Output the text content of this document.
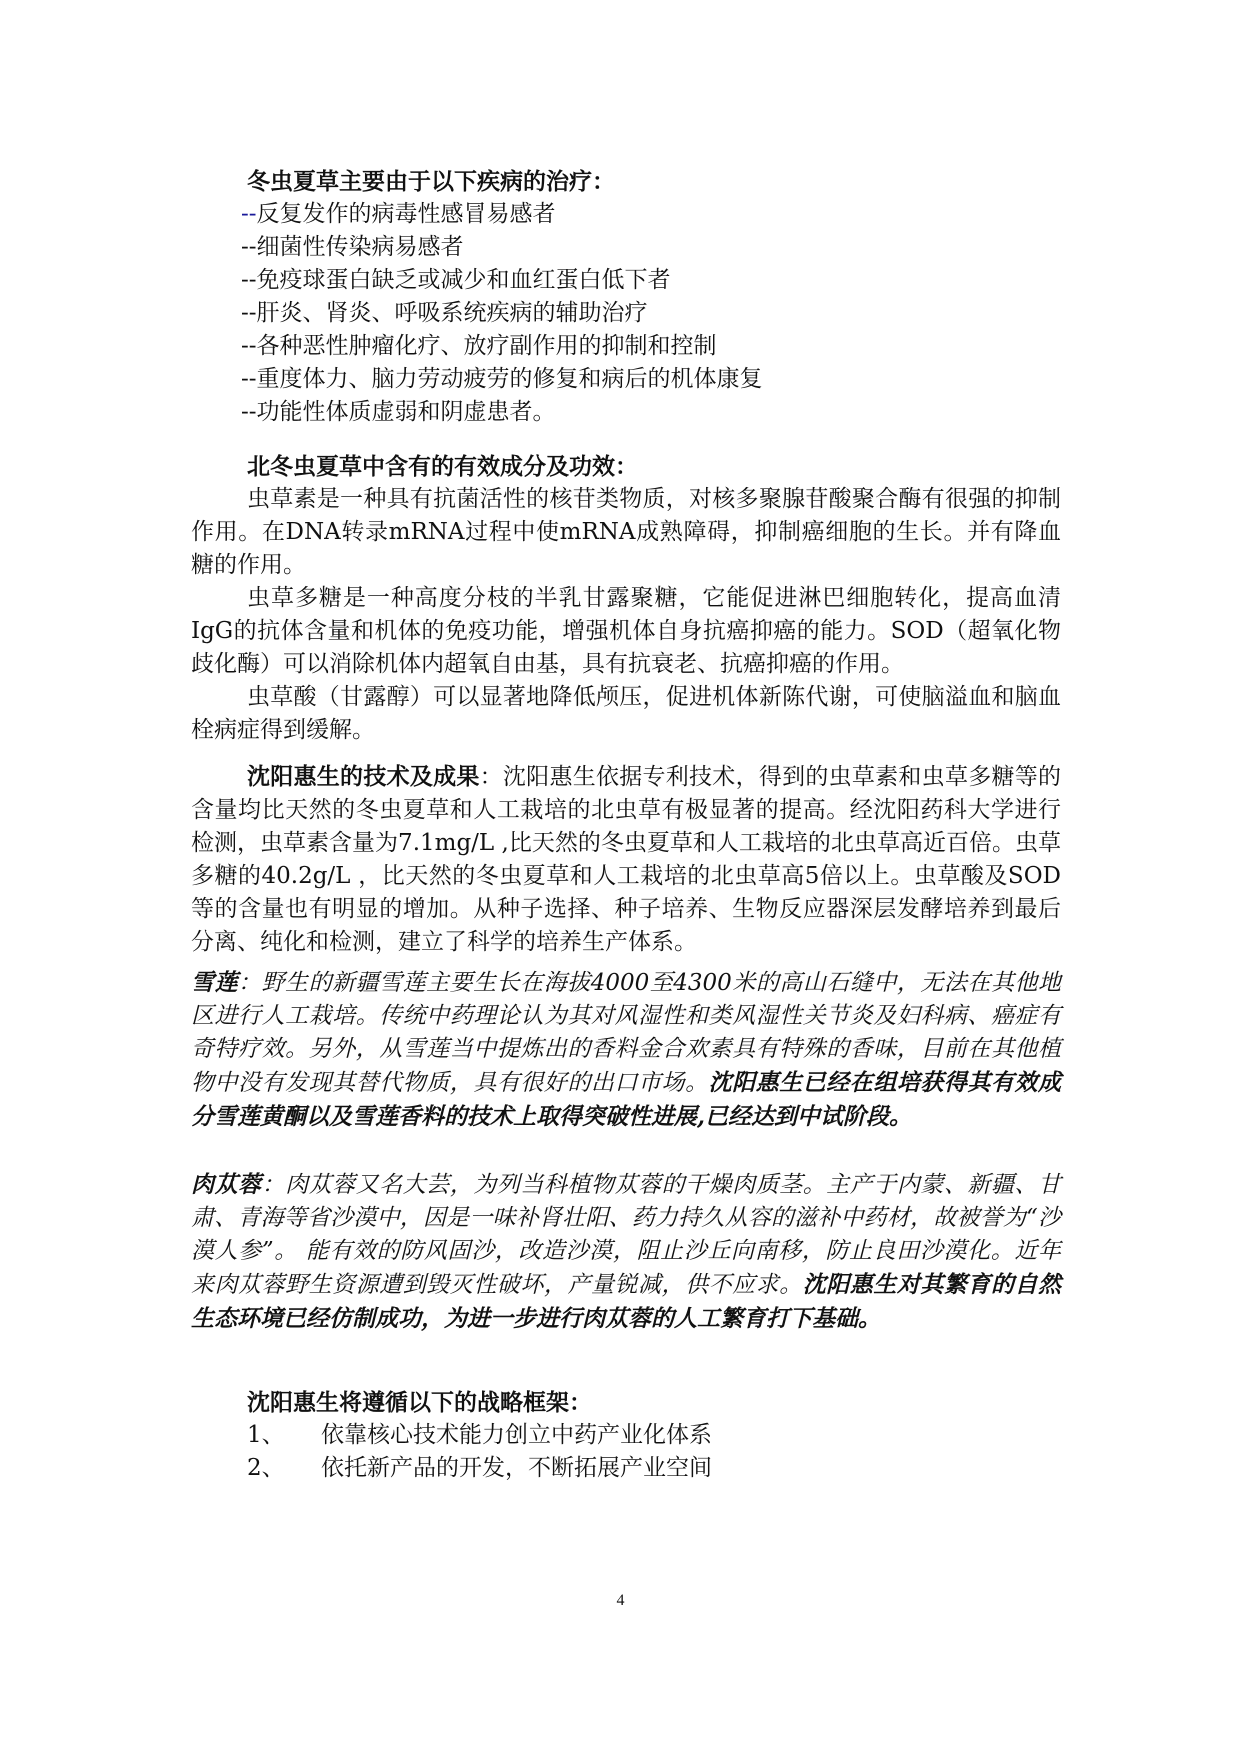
冬虫夏草主要由于以下疾病的治疗：
--反复发作的病毒性感冒易感者
--细菌性传染病易感者
--免疫球蛋白缺乏或减少和血红蛋白低下者
--肝炎、肾炎、呼吸系统疾病的辅助治疗
--各种恶性肿瘤化疗、放疗副作用的抑制和控制
--重度体力、脑力劳动疲劳的修复和病后的机体康复
--功能性体质虚弱和阴虚患者。
北冬虫夏草中含有的有效成分及功效：
虫草素是一种具有抗菌活性的核苷类物质，对核多聚腺苷酸聚合酶有很强的抑制作用。在DNA转录mRNA过程中使mRNA成熟障碍，抑制癌细胞的生长。并有降血糖的作用。
虫草多糖是一种高度分枝的半乳甘露聚糖，它能促进淋巴细胞转化，提高血清IgG的抗体含量和机体的免疫功能，增强机体自身抗癌抑癌的能力。SOD（超氧化物歧化酶）可以消除机体内超氧自由基，具有抗衰老、抗癌抑癌的作用。
虫草酸（甘露醇）可以显著地降低颅压，促进机体新陈代谢，可使脑溢血和脑血栓病症得到缓解。
沈阳惠生的技术及成果：沈阳惠生依据专利技术，得到的虫草素和虫草多糖等的含量均比天然的冬虫夏草和人工栽培的北虫草有极显著的提高。经沈阳药科大学进行检测，虫草素含量为7.1mg/L ,比天然的冬虫夏草和人工栽培的北虫草高近百倍。虫草多糖的40.2g/L ，比天然的冬虫夏草和人工栽培的北虫草高5倍以上。虫草酸及SOD等的含量也有明显的增加。从种子选择、种子培养、生物反应器深层发酵培养到最后分离、纯化和检测，建立了科学的培养生产体系。
雪莲：野生的新疆雪莲主要生长在海拔4000至4300米的高山石缝中，无法在其他地区进行人工栽培。传统中药理论认为其对风湿性和类风湿性关节炎及妇科病、癌症有奇特疗效。另外，从雪莲当中提炼出的香料金合欢素具有特殊的香味，目前在其他植物中没有发现其替代物质，具有很好的出口市场。沈阳惠生已经在组培获得其有效成分雪莲黄酮以及雪莲香料的技术上取得突破性进展,已经达到中试阶段。
肉苁蓉：肉苁蓉又名大芸，为列当科植物苁蓉的干燥肉质茎。主产于内蒙、新疆、甘肃、青海等省沙漠中，因是一味补肾壮阳、药力持久从容的滋补中药材，故被誉为“沙漠人参”。 能有效的防风固沙，改造沙漠，阻止沙丘向南移，防止良田沙漠化。近年来肉苁蓉野生资源遭到毁灭性破坏，产量锐减，供不应求。沈阳惠生对其繁育的自然生态环境已经仿制成功，为进一步进行肉苁蓉的人工繁育打下基础。
沈阳惠生将遵循以下的战略框架：
1、 依靠核心技术能力创立中药产业化体系
2、 依托新产品的开发，不断拓展产业空间
4
